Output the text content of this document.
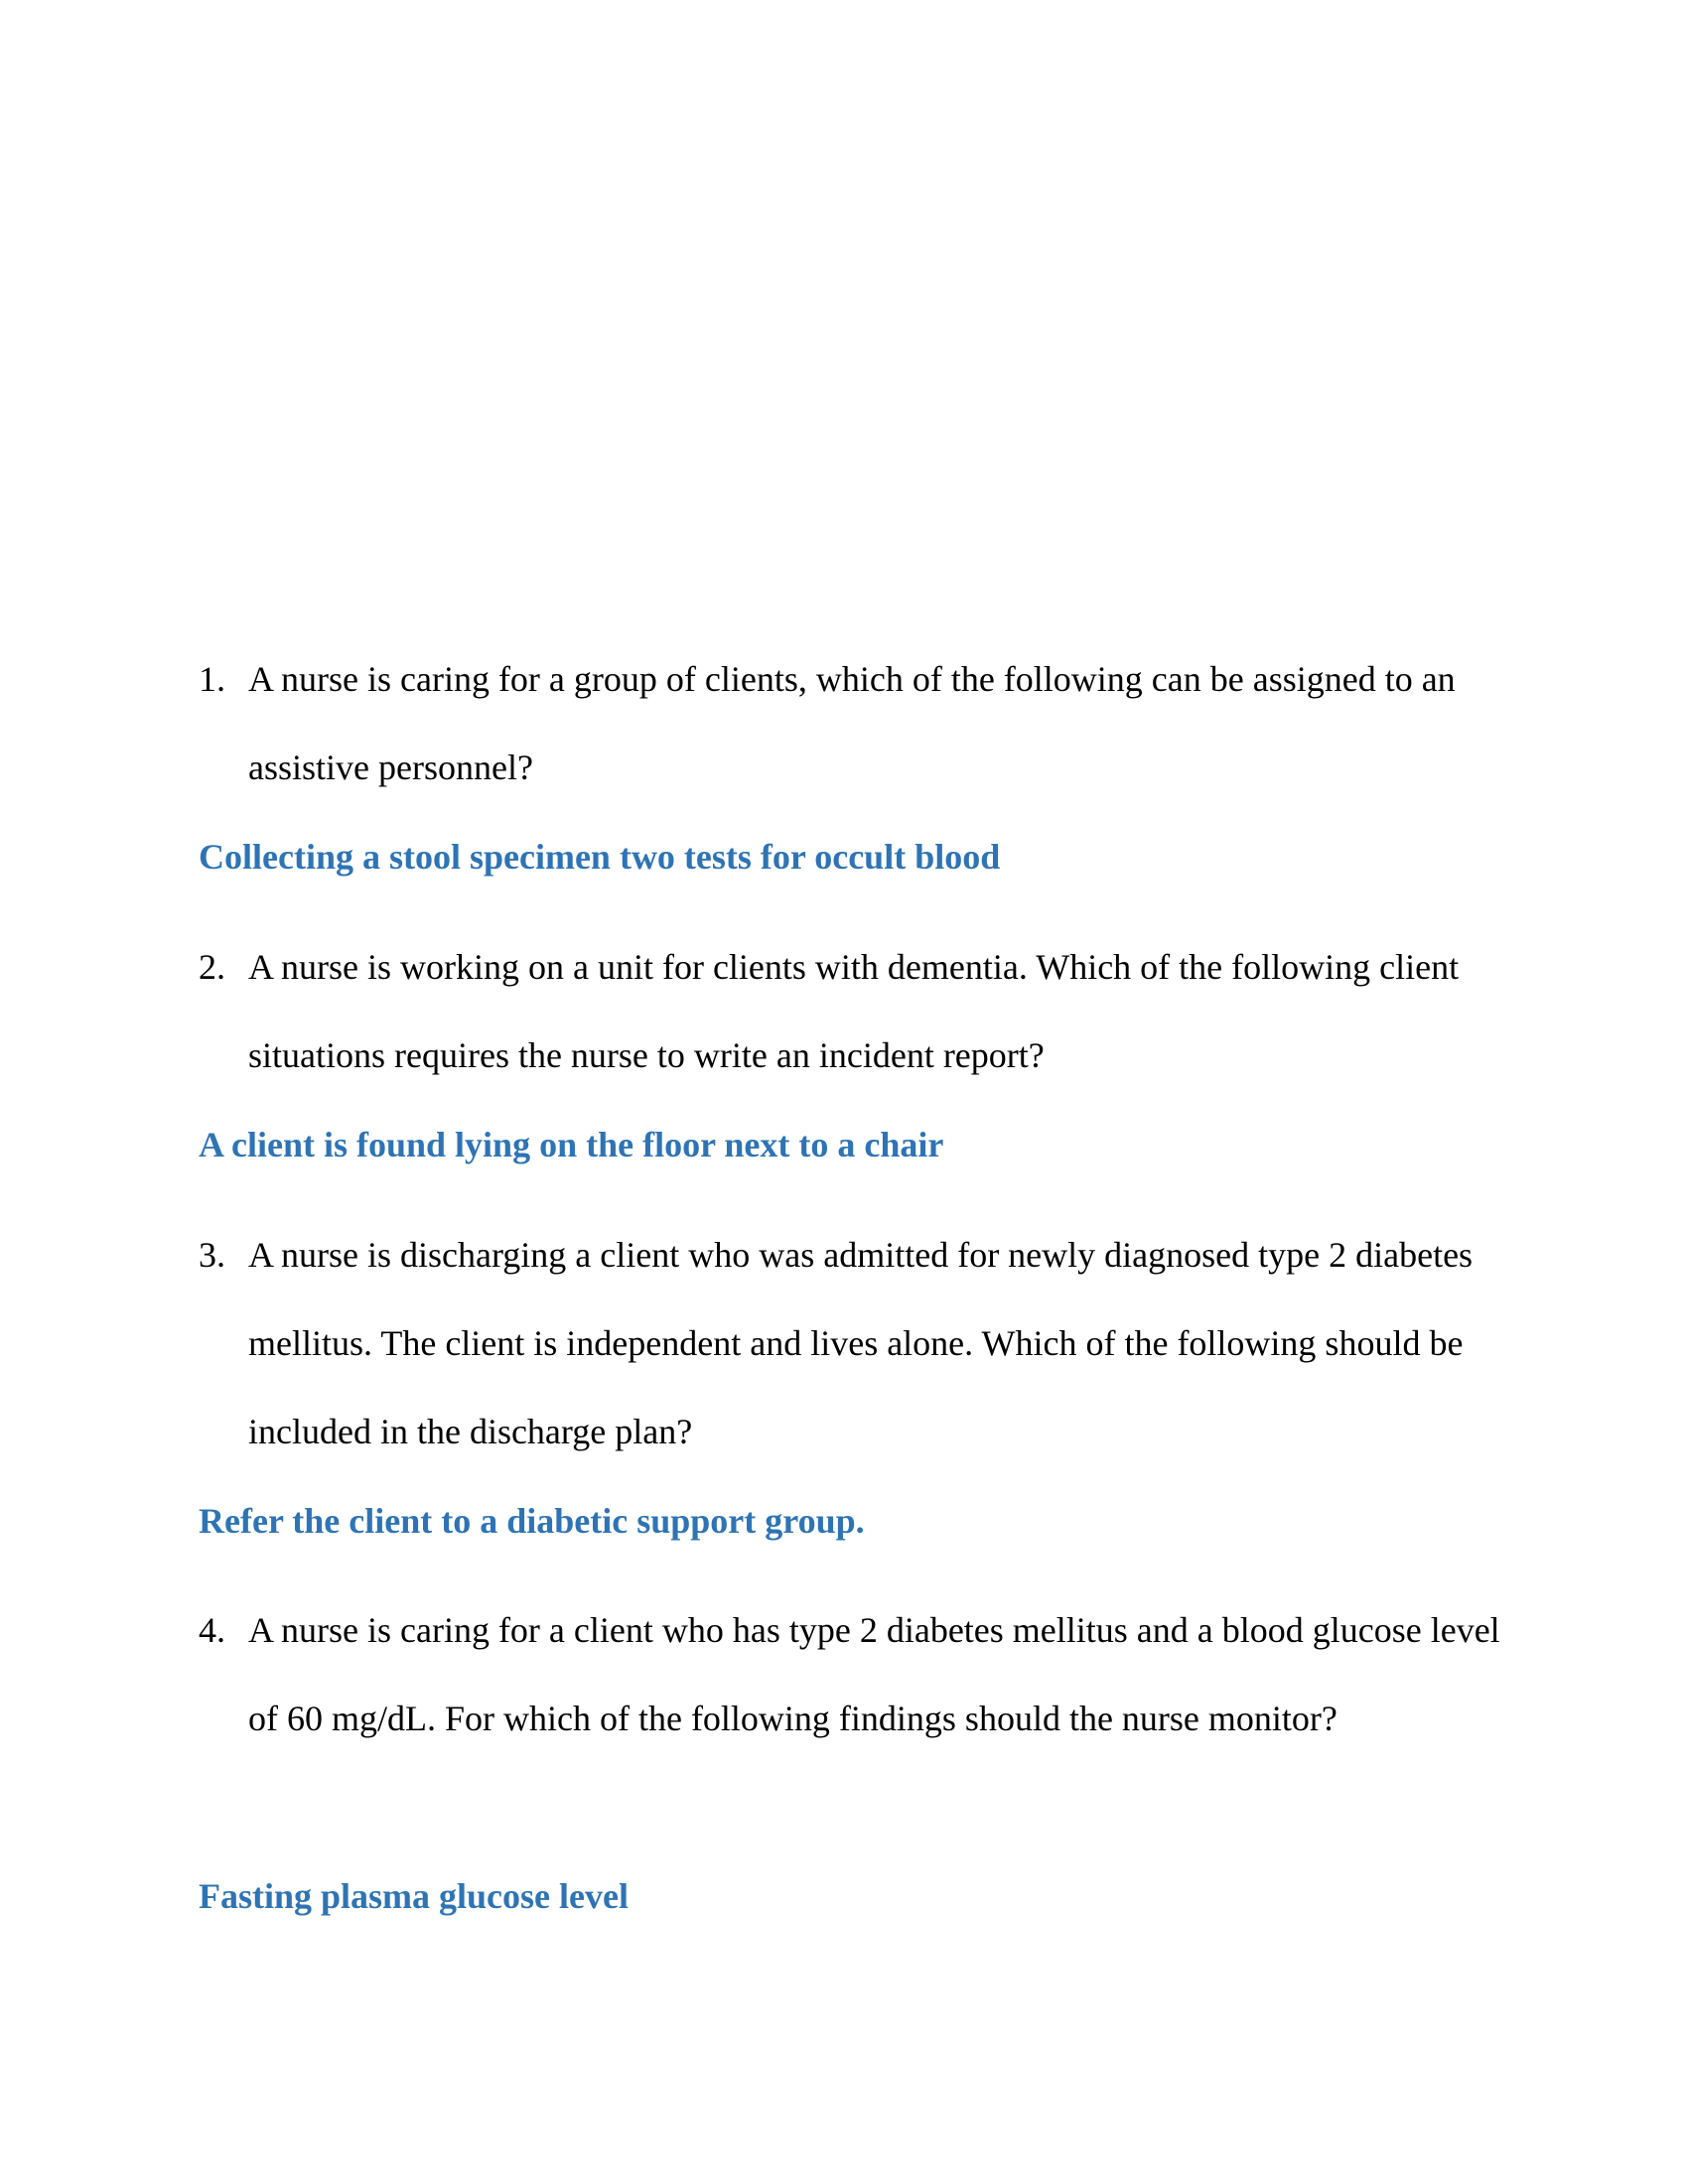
1. A nurse is caring for a group of clients, which of the following can be assigned to an assistive personnel?
Collecting a stool specimen two tests for occult blood
2. A nurse is working on a unit for clients with dementia. Which of the following client situations requires the nurse to write an incident report?
A client is found lying on the floor next to a chair
3. A nurse is discharging a client who was admitted for newly diagnosed type 2 diabetes mellitus. The client is independent and lives alone. Which of the following should be included in the discharge plan?
Refer the client to a diabetic support group.
4. A nurse is caring for a client who has type 2 diabetes mellitus and a blood glucose level of 60 mg/dL. For which of the following findings should the nurse monitor?
Fasting plasma glucose level
